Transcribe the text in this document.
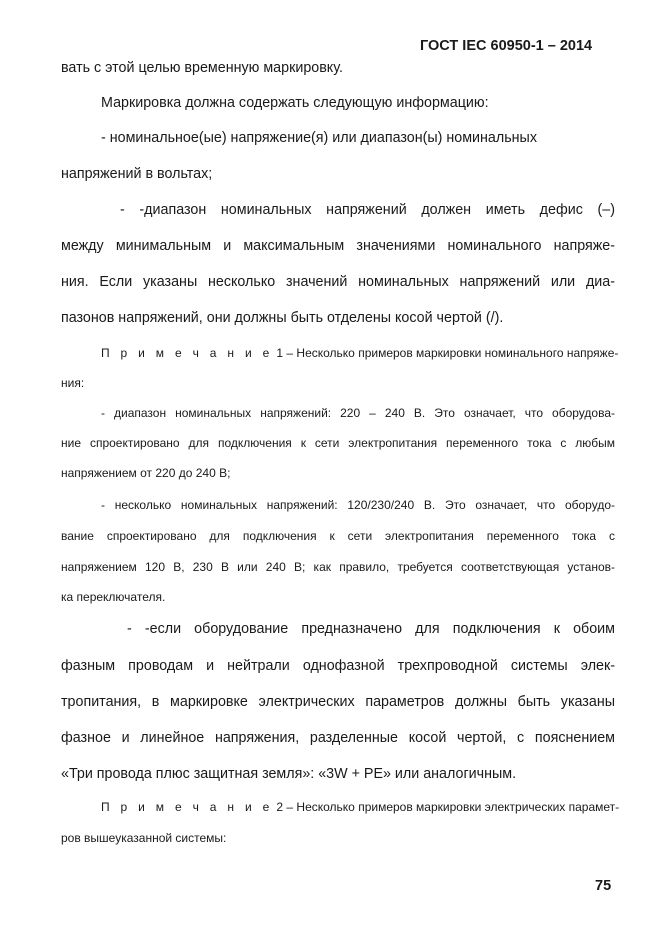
ГОСТ IEC 60950-1 – 2014
вать с этой целью временную маркировку.
Маркировка должна содержать следующую информацию:
- номинальное(ые) напряжение(я) или диапазон(ы) номинальных
напряжений в вольтах;
- -диапазон номинальных напряжений должен иметь дефис (–)
между минимальным и максимальным значениями номинального напряже-
ния. Если указаны несколько значений номинальных напряжений или диа-
пазонов напряжений, они должны быть отделены косой чертой (/).
П р и м е ч а н и е 1 – Несколько примеров маркировки номинального напряже-
ния:
- диапазон номинальных напряжений: 220 – 240 В. Это означает, что оборудова-
ние спроектировано для подключения к сети электропитания переменного тока с любым
напряжением от 220 до 240 В;
- несколько номинальных напряжений: 120/230/240 В. Это означает, что оборудо-
вание спроектировано для подключения к сети электропитания переменного тока с
напряжением 120 В, 230 В или 240 В; как правило, требуется соответствующая установ-
ка переключателя.
- -если оборудование предназначено для подключения к обоим
фазным проводам и нейтрали однофазной трехпроводной системы элек-
тропитания, в маркировке электрических параметров должны быть указаны
фазное и линейное напряжения, разделенные косой чертой, с пояснением
«Три провода плюс защитная земля»: «3W + PE» или аналогичным.
П р и м е ч а н и е 2 – Несколько примеров маркировки электрических парамет-
ров вышеуказанной системы:
75
